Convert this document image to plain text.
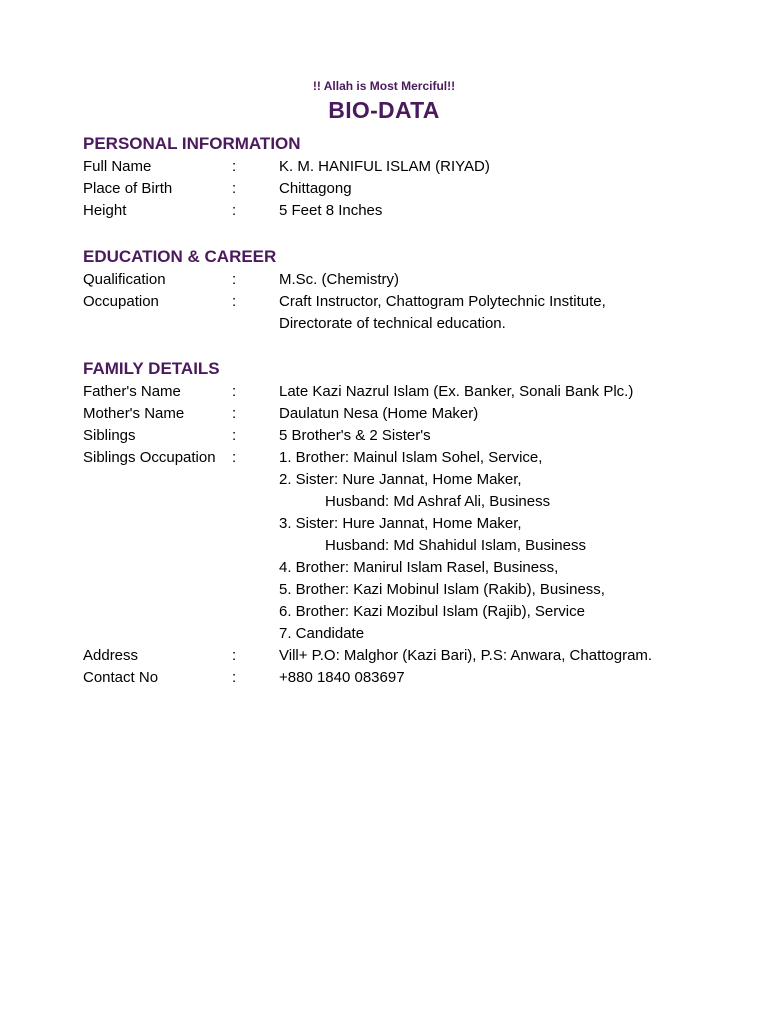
!! Allah is Most Merciful!!
BIO-DATA
PERSONAL INFORMATION
Full Name	:	K. M. HANIFUL ISLAM (RIYAD)
Place of Birth	:	Chittagong
Height	:	5 Feet 8 Inches
EDUCATION & CAREER
Qualification	:	M.Sc. (Chemistry)
Occupation	:	Craft Instructor, Chattogram Polytechnic Institute,
Directorate of technical education.
FAMILY DETAILS
Father's Name	:	Late Kazi Nazrul Islam (Ex. Banker, Sonali Bank Plc.)
Mother's Name	:	Daulatun Nesa (Home Maker)
Siblings	:	5 Brother's & 2 Sister's
Siblings Occupation :	1. Brother: Mainul Islam Sohel, Service,
2. Sister: Nure Jannat, Home Maker,
Husband: Md Ashraf Ali, Business
3. Sister: Hure Jannat, Home Maker,
Husband: Md Shahidul Islam, Business
4. Brother: Manirul Islam Rasel, Business,
5. Brother: Kazi Mobinul Islam (Rakib), Business,
6. Brother: Kazi Mozibul Islam (Rajib), Service
7. Candidate
Address	:	Vill+ P.O: Malghor (Kazi Bari), P.S: Anwara, Chattogram.
Contact No	:	+880 1840 083697
